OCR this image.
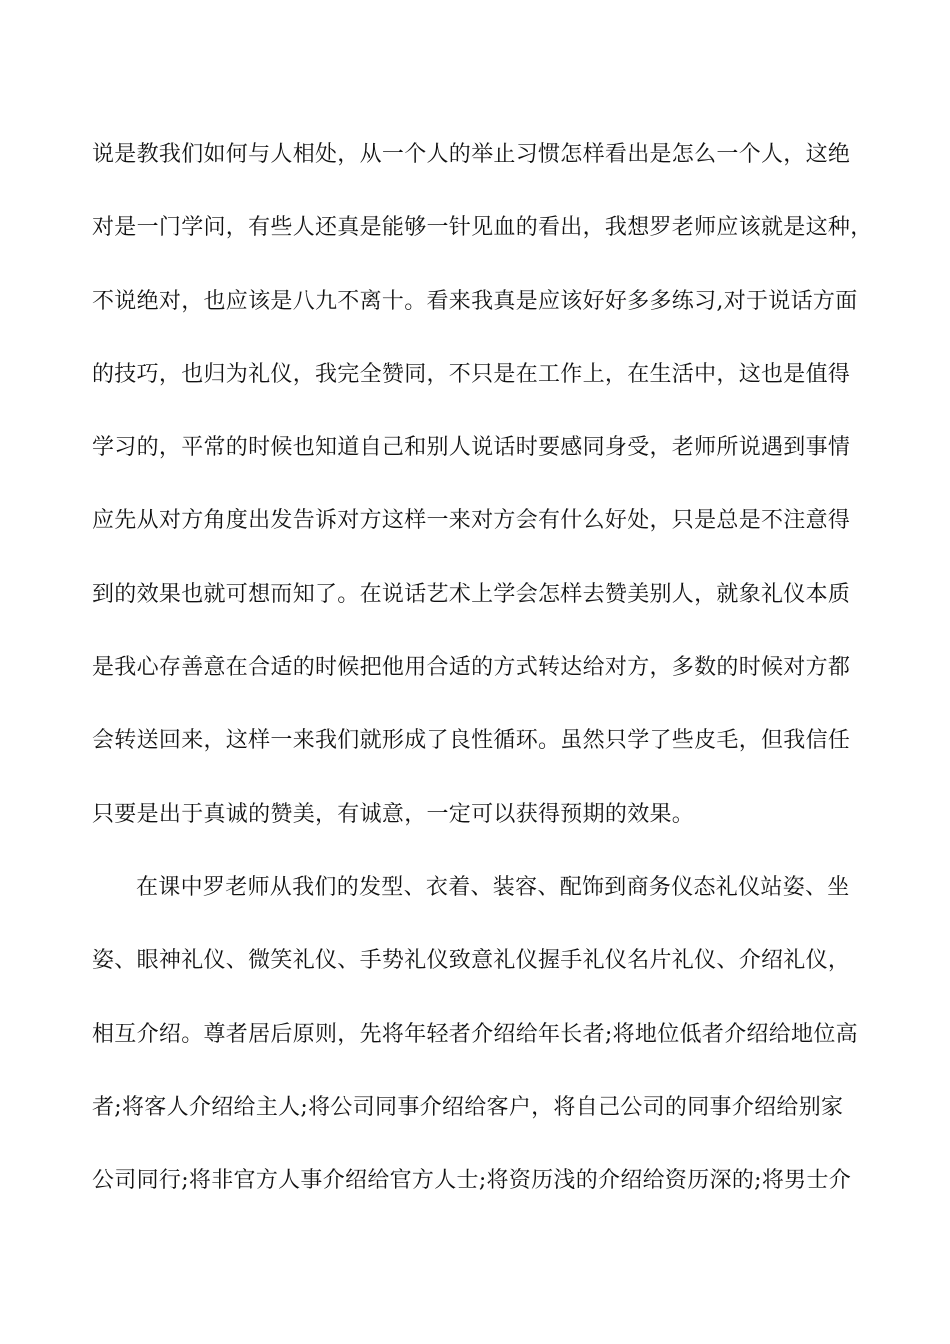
说是教我们如何与人相处，从一个人的举止习惯怎样看出是怎么一个人，这绝
对是一门学问，有些人还真是能够一针见血的看出，我想罗老师应该就是这种，
不说绝对，也应该是八九不离十。看来我真是应该好好多多练习,对于说话方面
的技巧，也归为礼仪，我完全赞同，不只是在工作上，在生活中，这也是值得
学习的，平常的时候也知道自己和别人说话时要感同身受，老师所说遇到事情
应先从对方角度出发告诉对方这样一来对方会有什么好处，只是总是不注意得
到的效果也就可想而知了。在说话艺术上学会怎样去赞美别人，就象礼仪本质
是我心存善意在合适的时候把他用合适的方式转达给对方，多数的时候对方都
会转送回来，这样一来我们就形成了良性循环。虽然只学了些皮毛，但我信任
只要是出于真诚的赞美，有诚意，一定可以获得预期的效果。
在课中罗老师从我们的发型、衣着、装容、配饰到商务仪态礼仪站姿、坐
姿、眼神礼仪、微笑礼仪、手势礼仪致意礼仪握手礼仪名片礼仪、介绍礼仪，
相互介绍。尊者居后原则，先将年轻者介绍给年长者;将地位低者介绍给地位高
者;将客人介绍给主人;将公司同事介绍给客户，将自己公司的同事介绍给别家
公司同行;将非官方人事介绍给官方人士;将资历浅的介绍给资历深的;将男士介
